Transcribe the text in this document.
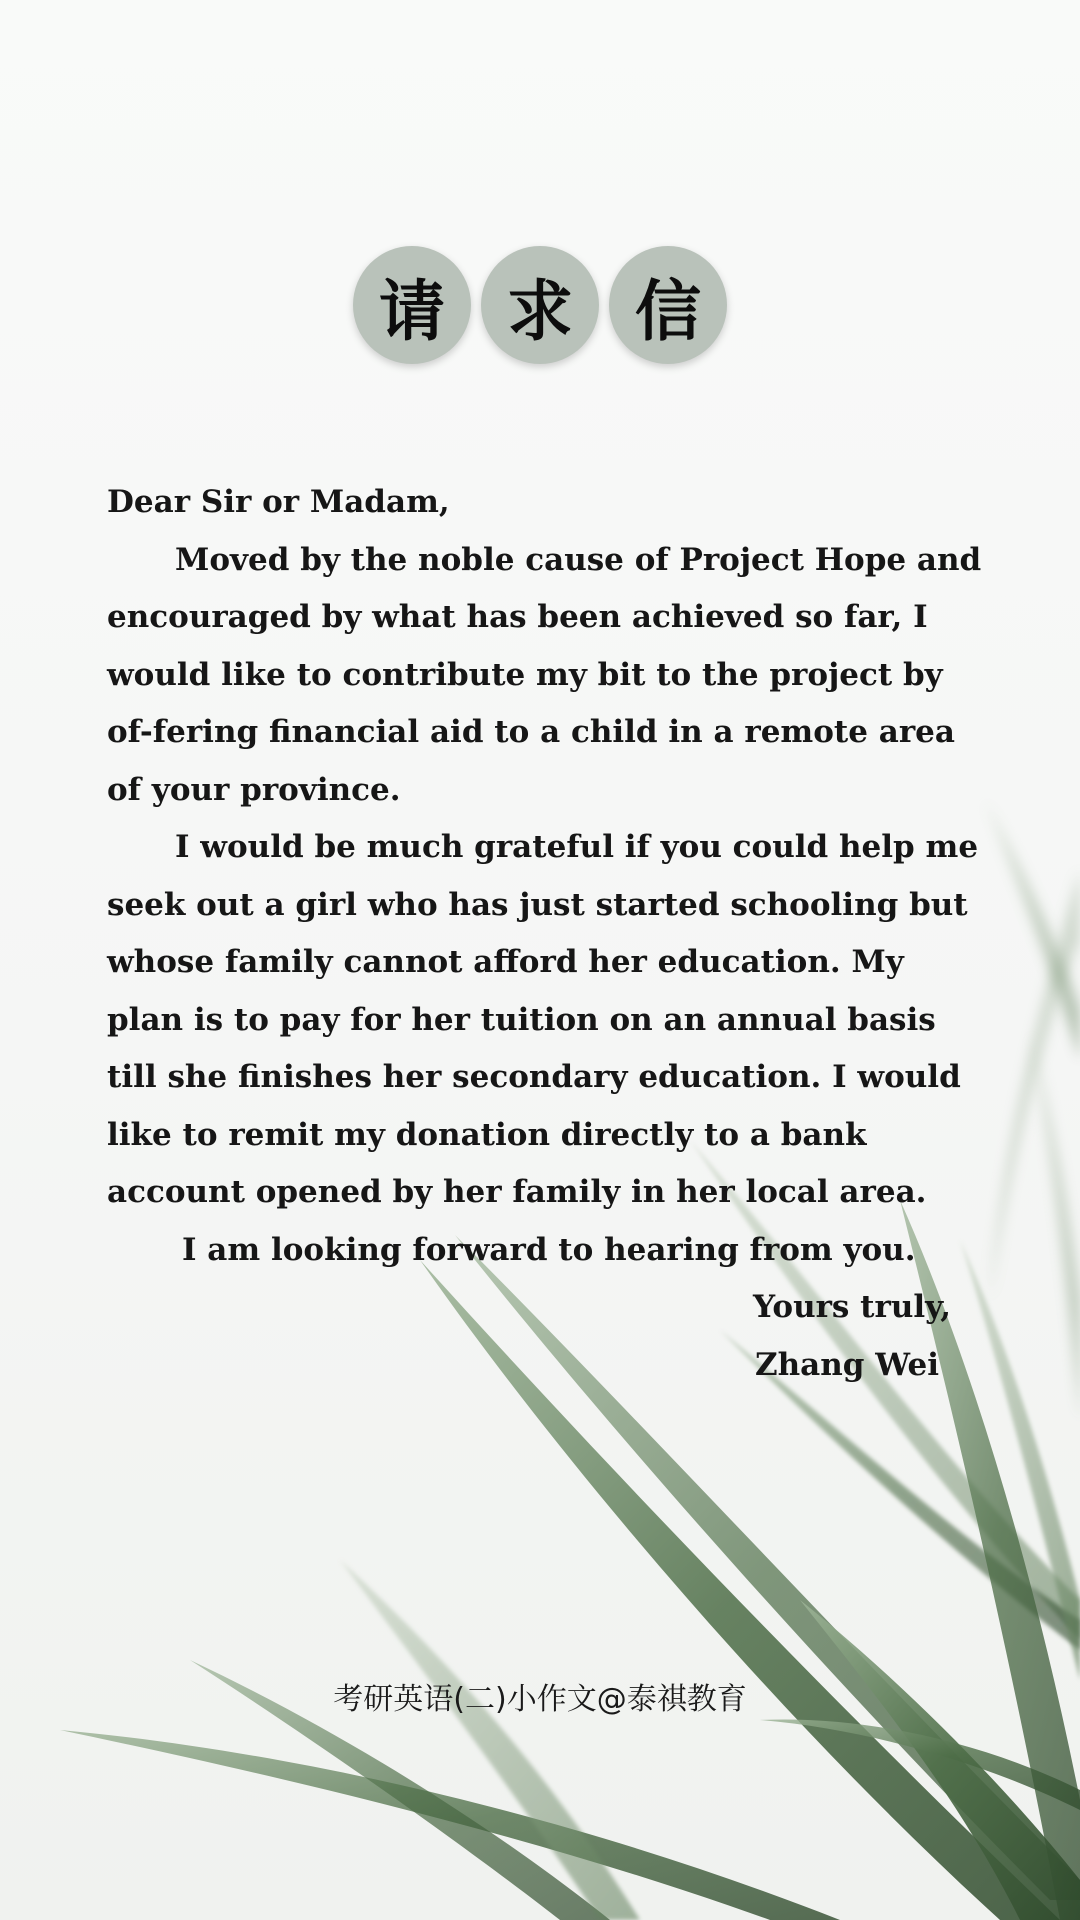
请 求 信

Dear Sir or Madam,

Moved by the noble cause of Project Hope and encouraged by what has been achieved so far, I would like to contribute my bit to the project by of-fering financial aid to a child in a remote area of your province.

I would be much grateful if you could help me seek out a girl who has just started schooling but whose family cannot afford her education. My plan is to pay for her tuition on an annual basis till she finishes her secondary education. I would like to remit my donation directly to a bank account opened by her family in her local area.

I am looking forward to hearing from you.

Yours truly,

Zhang Wei

考研英语(二)小作文@泰祺教育
